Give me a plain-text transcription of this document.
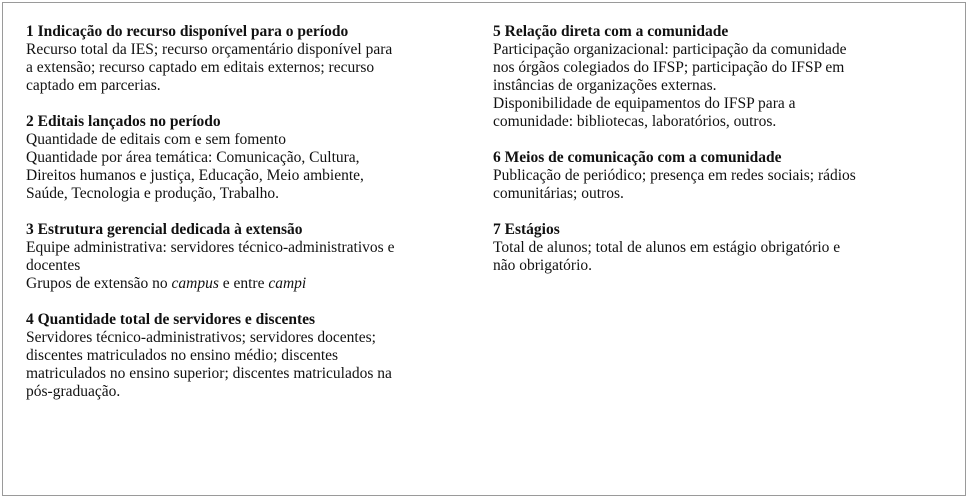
1 Indicação do recurso disponível para o período
Recurso total da IES; recurso orçamentário disponível para
a extensão; recurso captado em editais externos; recurso
captado em parcerias.
2 Editais lançados no período
Quantidade de editais com e sem fomento
Quantidade por área temática: Comunicação, Cultura,
Direitos humanos e justiça, Educação, Meio ambiente,
Saúde, Tecnologia e produção, Trabalho.
3 Estrutura gerencial dedicada à extensão
Equipe administrativa: servidores técnico-administrativos e
docentes
Grupos de extensão no campus e entre campi
4 Quantidade total de servidores e discentes
Servidores técnico-administrativos; servidores docentes;
discentes matriculados no ensino médio; discentes
matriculados no ensino superior; discentes matriculados na
pós-graduação.
5 Relação direta com a comunidade
Participação organizacional: participação da comunidade
nos órgãos colegiados do IFSP; participação do IFSP em
instâncias de organizações externas.
Disponibilidade de equipamentos do IFSP para a
comunidade: bibliotecas, laboratórios, outros.
6 Meios de comunicação com a comunidade
Publicação de periódico; presença em redes sociais; rádios
comunitárias; outros.
7 Estágios
Total de alunos; total de alunos em estágio obrigatório e
não obrigatório.
